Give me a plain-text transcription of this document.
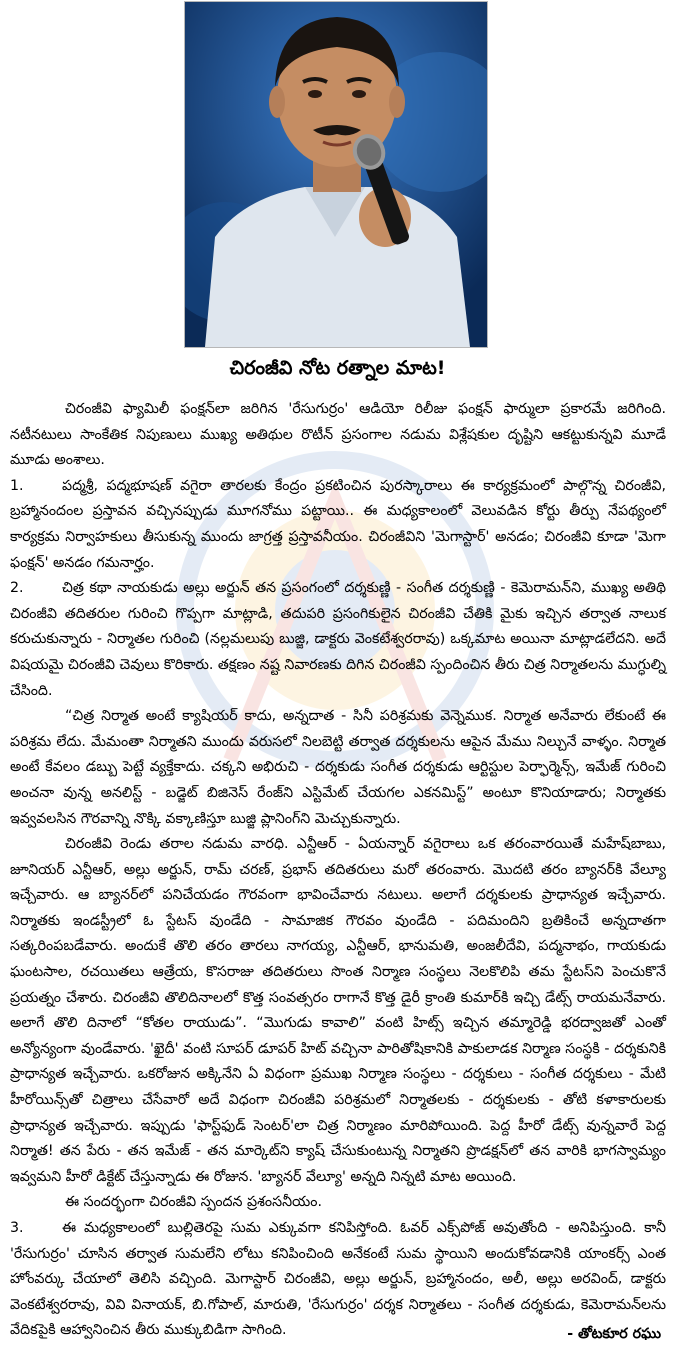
చిరంజీవి నోట రత్నాల మాట!

చిరంజీవి ఫ్యామిలీ ఫంక్షన్‌లా జరిగిన 'రేసుగుర్రం' ఆడియో రిలీజు ఫంక్షన్ ఫార్ములా ప్రకారమే జరిగింది. నటీనటులు సాంకేతిక నిపుణులు ముఖ్య అతిథుల రొటీన్ ప్రసంగాల నడుమ విశ్లేషకుల దృష్టిని ఆకట్టుకున్నవి మూడే మూడు అంశాలు.

1.	పద్మశ్రీ, పద్మభూషణ్ వగైరా తారలకు కేంద్రం ప్రకటించిన పురస్కారాలు ఈ కార్యక్రమంలో పాల్గొన్న చిరంజీవి, బ్రహ్మానందంల ప్రస్తావన వచ్చినప్పుడు మూగనోము పట్టాయి.. ఈ మధ్యకాలంలో వెలువడిన కోర్టు తీర్పు నేపథ్యంలో కార్యక్రమ నిర్వాహకులు తీసుకున్న ముందు జాగ్రత్త ప్రస్తావనీయం. చిరంజీవిని 'మెగాస్టార్' అనడం; చిరంజీవి కూడా 'మెగా ఫంక్షన్' అనడం గమనార్హం.

2.	చిత్ర కథా నాయకుడు అల్లు అర్జున్ తన ప్రసంగంలో దర్శకుణ్ణి - సంగీత దర్శకుణ్ణి - కెమెరామన్‌ని, ముఖ్య అతిథి చిరంజీవి తదితరుల గురించి గొప్పగా మాట్లాడి, తదుపరి ప్రసంగికులైన చిరంజీవి చేతికి మైకు ఇచ్చిన తర్వాత నాలుక కరుచుకున్నారు - నిర్మాతల గురించి (నల్లమలుపు బుజ్జి, డాక్టరు వెంకటేశ్వరరావు) ఒక్కమాట అయినా మాట్లాడలేదని. అదే విషయమై చిరంజీవి చెవులు కొరికారు. తక్షణం నష్ట నివారణకు దిగిన చిరంజీవి స్పందించిన తీరు చిత్ర నిర్మాతలను ముగ్ధుల్ని చేసింది.

“చిత్ర నిర్మాత అంటే క్యాషియర్ కాదు, అన్నదాత - సినీ పరిశ్రమకు వెన్నెముక. నిర్మాత అనేవారు లేకుంటే ఈ పరిశ్రమ లేదు. మేమంతా నిర్మాతని ముందు వరుసలో నిలబెట్టి తర్వాత దర్శకులను ఆపైన మేము నిల్చునే వాళ్ళం. నిర్మాత అంటే కేవలం డబ్బు పెట్టే వ్యక్తేకాదు. చక్కని అభిరుచి - దర్శకుడు సంగీత దర్శకుడు ఆర్టిస్టుల పెర్ఫార్మెన్స్, ఇమేజ్ గురించి అంచనా వున్న అనలిస్ట్ - బడ్జెట్ బిజినెస్ రేంజ్‌ని ఎస్టిమేట్ చేయగల ఎకనమిస్ట్” అంటూ కొనియాడారు; నిర్మాతకు ఇవ్వవలసిన గౌరవాన్ని నొక్కి వక్కాణిస్తూ బుజ్జి ప్లానింగ్‌ని మెచ్చుకున్నారు.

చిరంజీవి రెండు తరాల నడుమ వారధి. ఎన్టీఆర్ - ఏయన్నార్ వగైరాలు ఒక తరంవారయితే మహేష్‌బాబు, జూనియర్ ఎన్టీఆర్, అల్లు అర్జున్, రామ్ చరణ్, ప్రభాస్ తదితరులు మరో తరంవారు. మొదటి తరం బ్యానర్‌కి వేల్యూ ఇచ్చేవారు. ఆ బ్యానర్‌లో పనిచేయడం గౌరవంగా భావించేవారు నటులు. అలాగే దర్శకులకు ప్రాధాన్యత ఇచ్చేవారు. నిర్మాతకు ఇండస్ట్రీలో ఓ స్టేటస్ వుండేది - సామాజిక గౌరవం వుండేది - పదిమందిని బ్రతికించే అన్నదాతగా సత్కరింపబడేవారు. అందుకే తొలి తరం తారలు నాగయ్య, ఎన్టీఆర్, భానుమతి, అంజలీదేవి, పద్మనాభం, గాయకుడు ఘంటసాల, రచయితలు ఆత్రేయ, కొసరాజు తదితరులు సొంత నిర్మాణ సంస్థలు నెలకొలిపి తమ స్టేటస్‌ని పెంచుకొనే ప్రయత్నం చేశారు. చిరంజీవి తొలిదినాలలో కొత్త సంవత్సరం రాగానే కొత్త డైరీ క్రాంతి కుమార్‌కి ఇచ్చి డేట్స్ రాయమనేవారు. అలాగే తొలి దినాలో “కోతల రాయుడు”. “మొగుడు కావాలి” వంటి హిట్స్ ఇచ్చిన తమ్మారెడ్డి భరద్వాజతో ఎంతో అన్యోన్యంగా వుండేవారు. 'ఖైదీ' వంటి సూపర్ డూపర్ హిట్ వచ్చినా పారితోషికానికి పాకులాడక నిర్మాణ సంస్థకి - దర్శకునికి ప్రాధాన్యత ఇచ్చేవారు. ఒకరోజున అక్కినేని ఏ విధంగా ప్రముఖ నిర్మాణ సంస్థలు - దర్శకులు - సంగీత దర్శకులు - మేటి హీరోయిన్స్‌తో చిత్రాలు చేసేవారో అదే విధంగా చిరంజీవి పరిశ్రమలో నిర్మాతలకు - దర్శకులకు - తోటి కళాకారులకు ప్రాధాన్యత ఇచ్చేవారు. ఇప్పుడు 'ఫాస్ట్‌ఫుడ్ సెంటర్'లా చిత్ర నిర్మాణం మారిపోయింది. పెద్ద హీరో డేట్స్ వున్నవారే పెద్ద నిర్మాత! తన పేరు - తన ఇమేజ్ - తన మార్కెట్‌ని క్యాష్ చేసుకుంటున్న నిర్మాతని ప్రొడక్షన్‌లో తన వారికి భాగస్వామ్యం ఇవ్వమని హీరో డిక్టేట్ చేస్తున్నాడు ఈ రోజున. 'బ్యానర్ వేల్యూ' అన్నది నిన్నటి మాట అయింది.

ఈ సందర్భంగా చిరంజీవి స్పందన ప్రశంసనీయం.

3.	ఈ మధ్యకాలంలో బుల్లితెరపై సుమ ఎక్కువగా కనిపిస్తోంది. ఓవర్ ఎక్స్‌పోజ్ అవుతోంది - అనిపిస్తుంది. కానీ 'రేసుగుర్రం' చూసిన తర్వాత సుమలేని లోటు కనిపించింది అనేకంటే సుమ స్థాయిని అందుకోవడానికి యాంకర్స్ ఎంత హోంవర్కు చేయాలో తెలిసి వచ్చింది. మెగాస్టార్ చిరంజీవి, అల్లు అర్జున్, బ్రహ్మానందం, అలీ, అల్లు అరవింద్, డాక్టరు వెంకటేశ్వరరావు, వివి వినాయక్, బి.గోపాల్, మారుతి, 'రేసుగుర్రం' దర్శక నిర్మాతలు - సంగీత దర్శకుడు, కెమెరామన్‌లను వేదికపైకి ఆహ్వానించిన తీరు ముక్కుబిడిగా సాగింది.	- తోటకూర రఘు
